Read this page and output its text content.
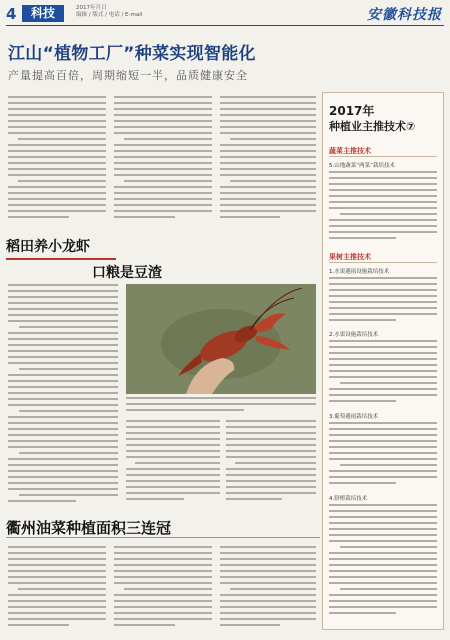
4	科技	2017年月日
编辑 / 版式 / 电话 / E-mail	安徽科技报
江山“植物工厂”种菜实现智能化
产量提高百倍，周期缩短一半，品质健康安全
2017年
种植业主推技术⑦
蔬菜主推技术
5.山地蔬菜“两菜”栽培技术
果树主推技术
1.水果避雨设施栽培技术
2.水果设施栽培技术
3.葡萄避雨栽培技术
4.脐橙栽培技术
稻田养小龙虾
口粮是豆渣
衢州油菜种植面积三连冠
